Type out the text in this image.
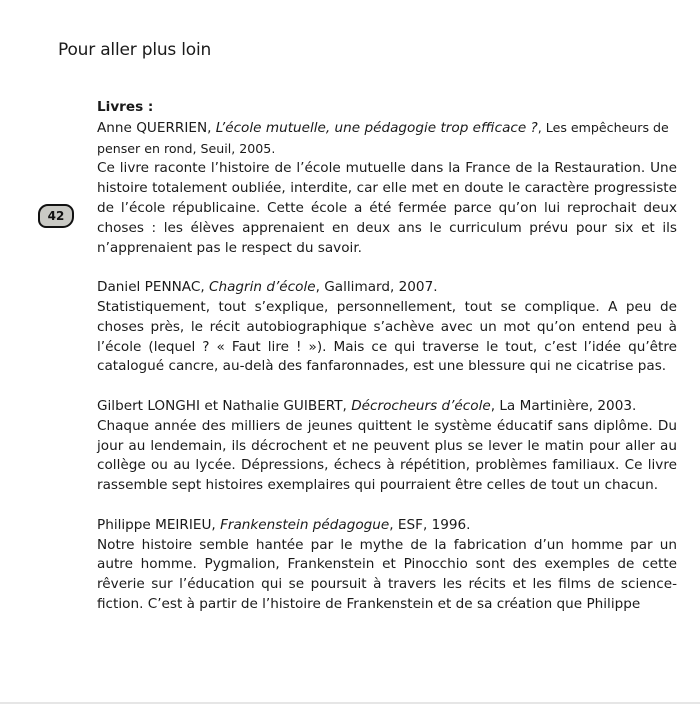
Pour aller plus loin
42
Livres :
Anne QUERRIEN, L’école mutuelle, une pédagogie trop efficace ?, Les empêcheurs de penser en rond, Seuil, 2005.
Ce livre raconte l’histoire de l’école mutuelle dans la France de la Restauration. Une histoire totalement oubliée, interdite, car elle met en doute le caractère progressiste de l’école républicaine. Cette école a été fermée parce qu’on lui reprochait deux choses : les élèves apprenaient en deux ans le curriculum prévu pour six et ils n’apprenaient pas le respect du savoir.
Daniel PENNAC, Chagrin d’école, Gallimard, 2007.
Statistiquement, tout s’explique, personnellement, tout se complique. A peu de choses près, le récit autobiographique s’achève avec un mot qu’on entend peu à l’école (lequel ? « Faut lire ! »). Mais ce qui traverse le tout, c’est l’idée qu’être catalogué cancre, au-delà des fanfaronnades, est une blessure qui ne cicatrise pas.
Gilbert LONGHI et Nathalie GUIBERT, Décrocheurs d’école, La Martinière, 2003.
Chaque année des milliers de jeunes quittent le système éducatif sans diplôme. Du jour au lendemain, ils décrochent et ne peuvent plus se lever le matin pour aller au collège ou au lycée. Dépressions, échecs à répétition, problèmes familiaux. Ce livre rassemble sept histoires exemplaires qui pourraient être celles de tout un chacun.
Philippe MEIRIEU, Frankenstein pédagogue, ESF, 1996.
Notre histoire semble hantée par le mythe de la fabrication d’un homme par un autre homme. Pygmalion, Frankenstein et Pinocchio sont des exemples de cette rêverie sur l’éducation qui se poursuit à travers les récits et les films de science-fiction. C’est à partir de l’histoire de Frankenstein et de sa création que Philippe
